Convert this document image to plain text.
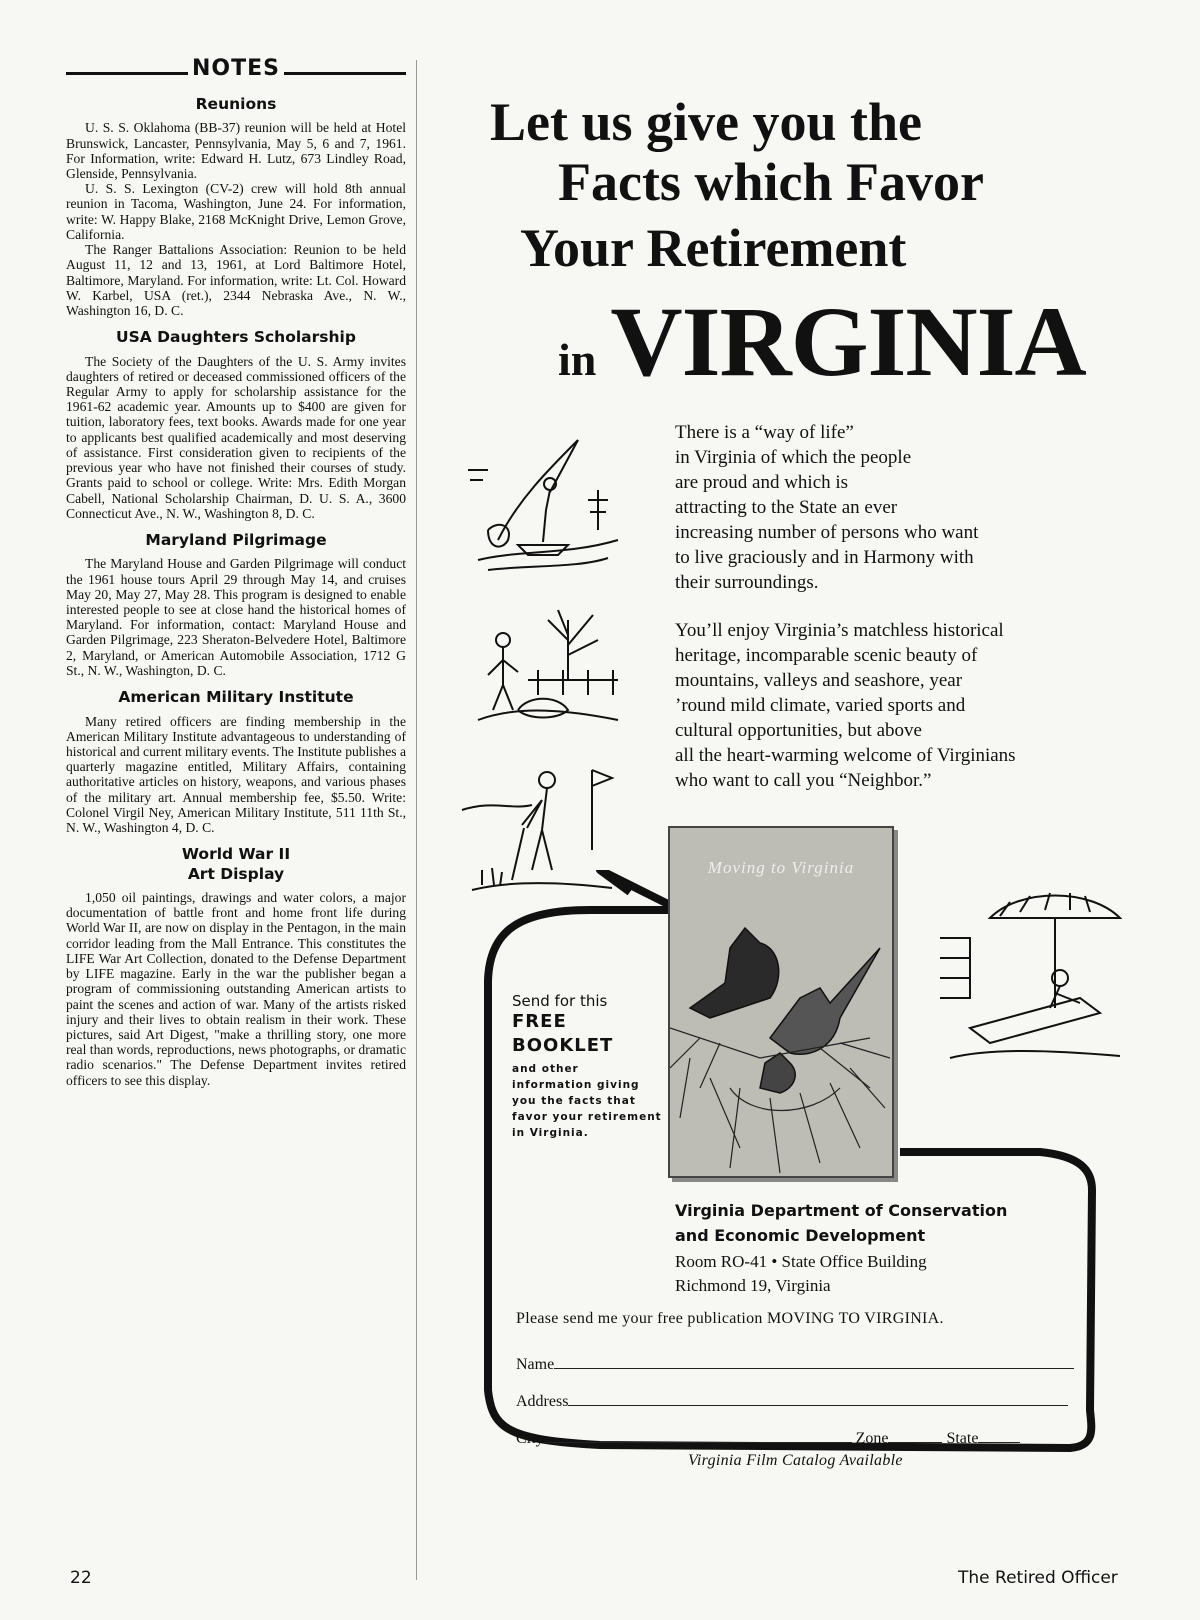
NOTES
Reunions

U. S. S. Oklahoma (BB-37) reunion will be held at Hotel Brunswick, Lancaster, Pennsylvania, May 5, 6 and 7, 1961. For Information, write: Edward H. Lutz, 673 Lindley Road, Glenside, Pennsylvania.

U. S. S. Lexington (CV-2) crew will hold 8th annual reunion in Tacoma, Washington, June 24. For information, write: W. Happy Blake, 2168 McKnight Drive, Lemon Grove, California.

The Ranger Battalions Association: Reunion to be held August 11, 12 and 13, 1961, at Lord Baltimore Hotel, Baltimore, Maryland. For information, write: Lt. Col. Howard W. Karbel, USA (ret.), 2344 Nebraska Ave., N. W., Washington 16, D. C.

USA Daughters Scholarship

The Society of the Daughters of the U. S. Army invites daughters of retired or deceased commissioned officers of the Regular Army to apply for scholarship assistance for the 1961-62 academic year. Amounts up to $400 are given for tuition, laboratory fees, text books. Awards made for one year to applicants best qualified academically and most deserving of assistance. First consideration given to recipients of the previous year who have not finished their courses of study. Grants paid to school or college. Write: Mrs. Edith Morgan Cabell, National Scholarship Chairman, D. U. S. A., 3600 Connecticut Ave., N. W., Washington 8, D. C.

Maryland Pilgrimage

The Maryland House and Garden Pilgrimage will conduct the 1961 house tours April 29 through May 14, and cruises May 20, May 27, May 28. This program is designed to enable interested people to see at close hand the historical homes of Maryland. For information, contact: Maryland House and Garden Pilgrimage, 223 Sheraton-Belvedere Hotel, Baltimore 2, Maryland, or American Automobile Association, 1712 G St., N. W., Washington, D. C.

American Military Institute

Many retired officers are finding membership in the American Military Institute advantageous to understanding of historical and current military events. The Institute publishes a quarterly magazine entitled, Military Affairs, containing authoritative articles on history, weapons, and various phases of the military art. Annual membership fee, $5.50. Write: Colonel Virgil Ney, American Military Institute, 511 11th St., N. W., Washington 4, D. C.

World War II
Art Display

1,050 oil paintings, drawings and water colors, a major documentation of battle front and home front life during World War II, are now on display in the Pentagon, in the main corridor leading from the Mall Entrance. This constitutes the LIFE War Art Collection, donated to the Defense Department by LIFE magazine. Early in the war the publisher began a program of commissioning outstanding American artists to paint the scenes and action of war. Many of the artists risked injury and their lives to obtain realism in their work. These pictures, said Art Digest, "make a thrilling story, one more real than words, reproductions, news photographs, or dramatic radio scenarios." The Defense Department invites retired officers to see this display.

Let us give you the
Facts which Favor
Your Retirement
in VIRGINIA
There is a “way of life”
in Virginia of which the people
are proud and which is
attracting to the State an ever
increasing number of persons who want
to live graciously and in Harmony with
their surroundings.
You’ll enjoy Virginia’s matchless historical
heritage, incomparable scenic beauty of
mountains, valleys and seashore, year
’round mild climate, varied sports and
cultural opportunities, but above
all the heart-warming welcome of Virginians
who want to call you “Neighbor.”
Moving to Virginia
Send for this
FREE
BOOKLET
and other information giving you the facts that favor your retirement in Virginia.
Virginia Department of Conservation
and Economic Development
Room RO-41 • State Office Building
Richmond 19, Virginia
Please send me your free publication MOVING TO VIRGINIA.
Name
Address
City	Zone	State
Virginia Film Catalog Available
22	The Retired Officer
